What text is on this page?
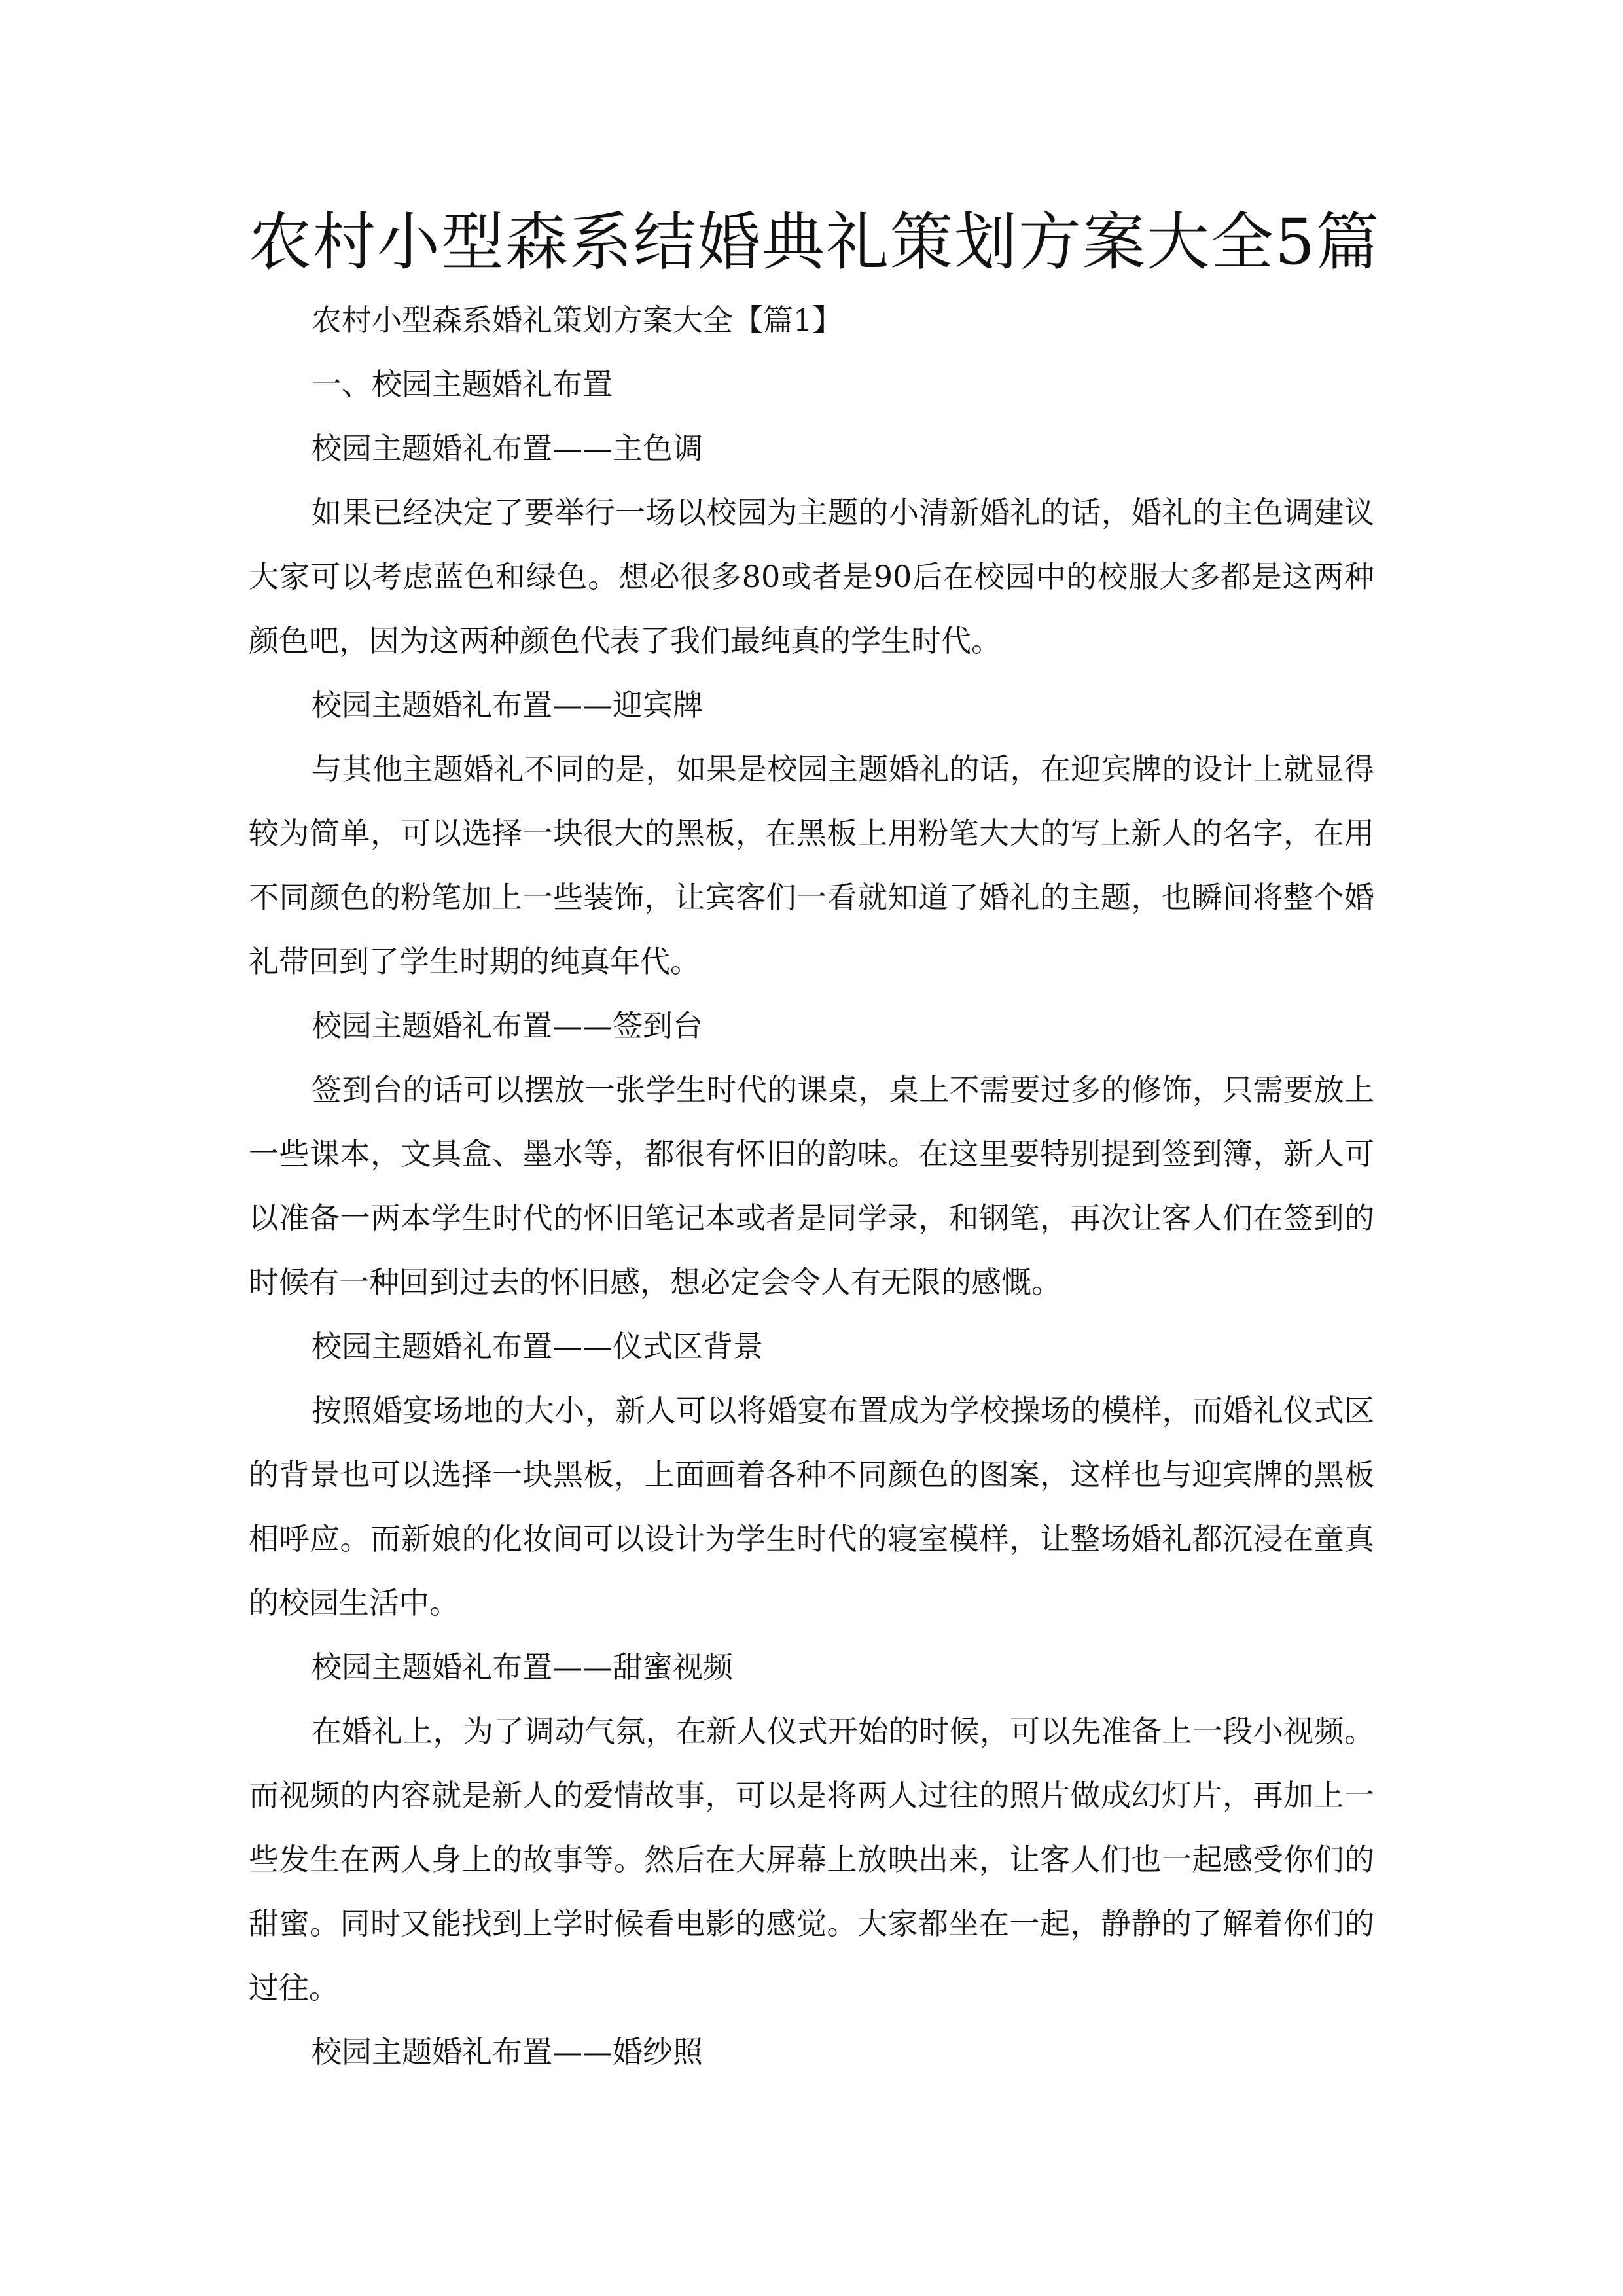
农村小型森系结婚典礼策划方案大全5篇

农村小型森系婚礼策划方案大全【篇1】

一、校园主题婚礼布置

校园主题婚礼布置——主色调

如果已经决定了要举行一场以校园为主题的小清新婚礼的话，婚礼的主色调建议大家可以考虑蓝色和绿色。想必很多80或者是90后在校园中的校服大多都是这两种颜色吧，因为这两种颜色代表了我们最纯真的学生时代。

校园主题婚礼布置——迎宾牌

与其他主题婚礼不同的是，如果是校园主题婚礼的话，在迎宾牌的设计上就显得较为简单，可以选择一块很大的黑板，在黑板上用粉笔大大的写上新人的名字，在用不同颜色的粉笔加上一些装饰，让宾客们一看就知道了婚礼的主题，也瞬间将整个婚礼带回到了学生时期的纯真年代。

校园主题婚礼布置——签到台

签到台的话可以摆放一张学生时代的课桌，桌上不需要过多的修饰，只需要放上一些课本，文具盒、墨水等，都很有怀旧的韵味。在这里要特别提到签到簿，新人可以准备一两本学生时代的怀旧笔记本或者是同学录，和钢笔，再次让客人们在签到的时候有一种回到过去的怀旧感，想必定会令人有无限的感慨。

校园主题婚礼布置——仪式区背景

按照婚宴场地的大小，新人可以将婚宴布置成为学校操场的模样，而婚礼仪式区的背景也可以选择一块黑板，上面画着各种不同颜色的图案，这样也与迎宾牌的黑板相呼应。而新娘的化妆间可以设计为学生时代的寝室模样，让整场婚礼都沉浸在童真的校园生活中。

校园主题婚礼布置——甜蜜视频

在婚礼上，为了调动气氛，在新人仪式开始的时候，可以先准备上一段小视频。而视频的内容就是新人的爱情故事，可以是将两人过往的照片做成幻灯片，再加上一些发生在两人身上的故事等。然后在大屏幕上放映出来，让客人们也一起感受你们的甜蜜。同时又能找到上学时候看电影的感觉。大家都坐在一起，静静的了解着你们的过往。

校园主题婚礼布置——婚纱照
